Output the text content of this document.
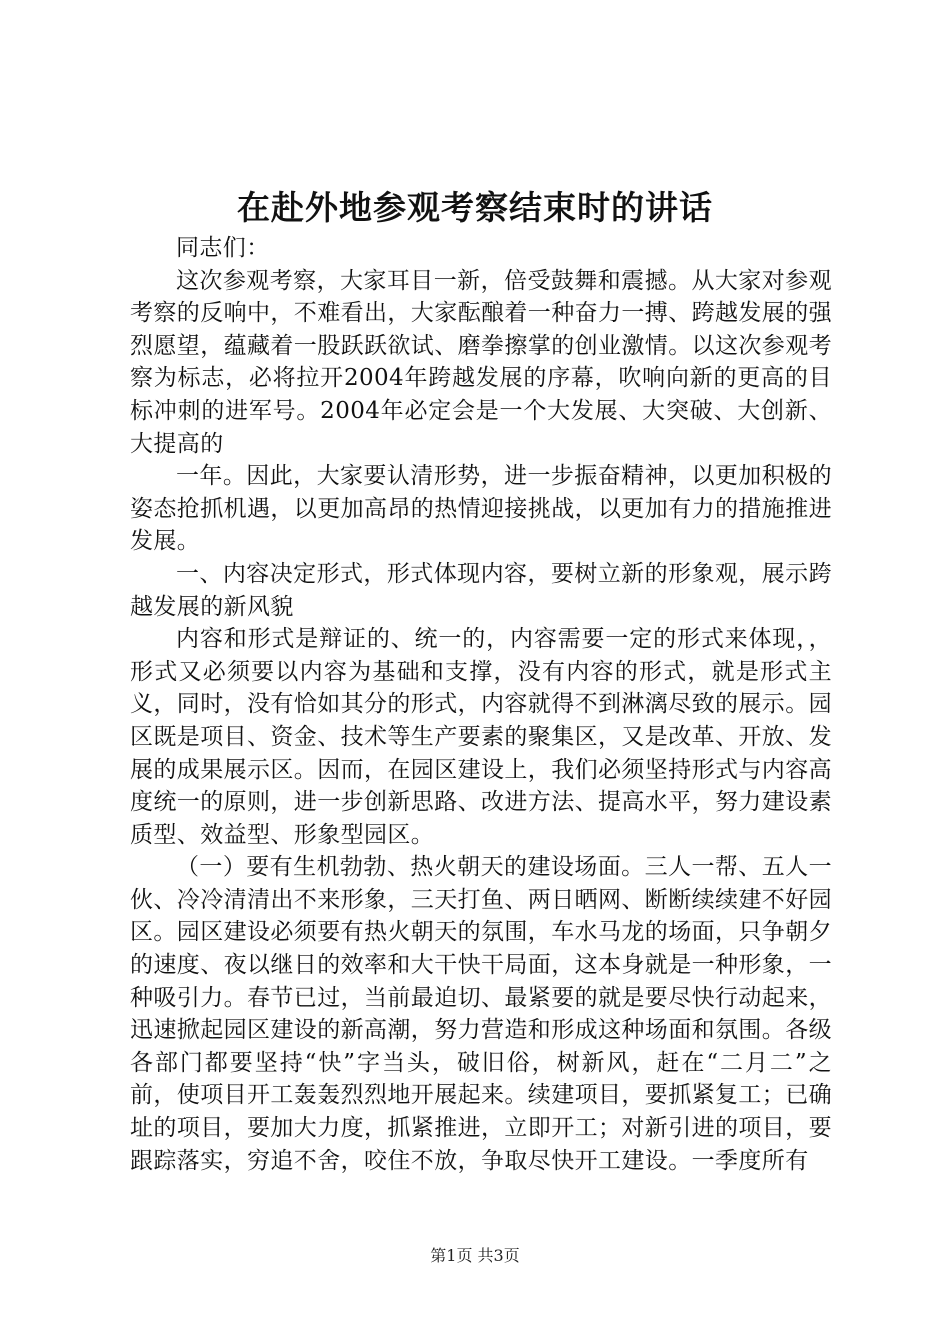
在赴外地参观考察结束时的讲话

同志们：

这次参观考察，大家耳目一新，倍受鼓舞和震撼。从大家对参观考察的反响中，不难看出，大家酝酿着一种奋力一搏、跨越发展的强烈愿望，蕴藏着一股跃跃欲试、磨拳擦掌的创业激情。以这次参观考察为标志，必将拉开2004年跨越发展的序幕，吹响向新的更高的目标冲刺的进军号。2004年必定会是一个大发展、大突破、大创新、大提高的

一年。因此，大家要认清形势，进一步振奋精神，以更加积极的姿态抢抓机遇，以更加高昂的热情迎接挑战，以更加有力的措施推进发展。

一、内容决定形式，形式体现内容，要树立新的形象观，展示跨越发展的新风貌

内容和形式是辩证的、统一的，内容需要一定的形式来体现，，形式又必须要以内容为基础和支撑，没有内容的形式，就是形式主义，同时，没有恰如其分的形式，内容就得不到淋漓尽致的展示。园区既是项目、资金、技术等生产要素的聚集区，又是改革、开放、发展的成果展示区。因而，在园区建设上，我们必须坚持形式与内容高度统一的原则，进一步创新思路、改进方法、提高水平，努力建设素质型、效益型、形象型园区。

（一）要有生机勃勃、热火朝天的建设场面。三人一帮、五人一伙、冷冷清清出不来形象，三天打鱼、两日晒网、断断续续建不好园区。园区建设必须要有热火朝天的氛围，车水马龙的场面，只争朝夕的速度、夜以继日的效率和大干快干局面，这本身就是一种形象，一种吸引力。春节已过，当前最迫切、最紧要的就是要尽快行动起来，迅速掀起园区建设的新高潮，努力营造和形成这种场面和氛围。各级各部门都要坚持“快”字当头，破旧俗，树新风，赶在“二月二”之前，使项目开工轰轰烈烈地开展起来。续建项目，要抓紧复工；已确址的项目，要加大力度，抓紧推进，立即开工；对新引进的项目，要跟踪落实，穷追不舍，咬住不放，争取尽快开工建设。一季度所有

第1页 共3页
